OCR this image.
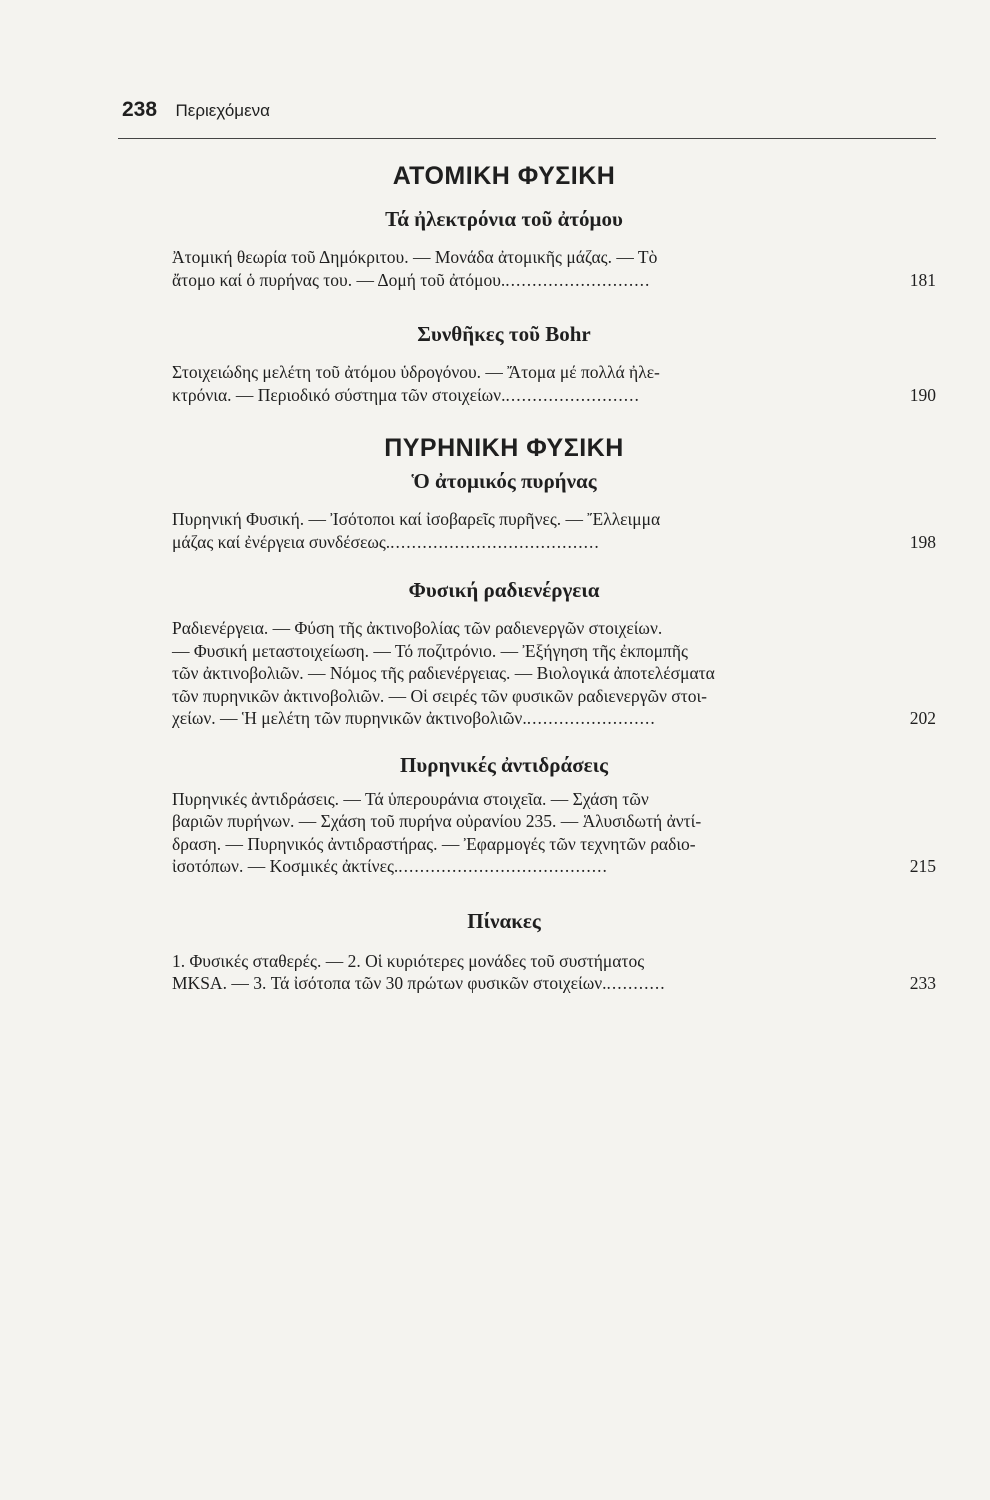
238 Περιεχόμενα
ΑΤΟΜΙΚΗ ΦΥΣΙΚΗ
Τά ἠλεκτρόνια τοῦ ἀτόμου
Ἀτομική θεωρία τοῦ Δημόκριτου. — Μονάδα ἀτομικῆς μάζας. — Τὸ
ἄτομο καί ὁ πυρήνας του. — Δομή τοῦ ἀτόμου............................	181
Συνθῆκες τοῦ Bohr
Στοιχειώδης μελέτη τοῦ ἀτόμου ὑδρογόνου. — Ἄτομα μέ πολλά ἠλε-
κτρόνια. — Περιοδικό σύστημα τῶν στοιχείων..........................	190
ΠΥΡΗΝΙΚΗ ΦΥΣΙΚΗ
Ὁ ἀτομικός πυρήνας
Πυρηνική Φυσική. — Ἰσότοποι καί ἰσοβαρεῖς πυρῆνες. — Ἔλλειμμα
μάζας καί ἐνέργεια συνδέσεως........................................	198
Φυσική ραδιενέργεια
Ραδιενέργεια. — Φύση τῆς ἀκτινοβολίας τῶν ραδιενεργῶν στοιχείων.
— Φυσική μεταστοιχείωση. — Τό ποζιτρόνιο. — Ἐξήγηση τῆς ἐκπομπῆς
τῶν ἀκτινοβολιῶν. — Νόμος τῆς ραδιενέργειας. — Βιολογικά ἀποτελέσματα
τῶν πυρηνικῶν ἀκτινοβολιῶν. — Οἱ σειρές τῶν φυσικῶν ραδιενεργῶν στοι-
χείων. — Ἡ μελέτη τῶν πυρηνικῶν ἀκτινοβολιῶν.........................	202
Πυρηνικές ἀντιδράσεις
Πυρηνικές ἀντιδράσεις. — Τά ὑπερουράνια στοιχεῖα. — Σχάση τῶν
βαριῶν πυρήνων. — Σχάση τοῦ πυρήνα οὐρανίου 235. — Ἁλυσιδωτή ἀντί-
δραση. — Πυρηνικός ἀντιδραστήρας. — Ἐφαρμογές τῶν τεχνητῶν ραδιο-
ἰσοτόπων. — Κοσμικές ἀκτίνες........................................	215
Πίνακες
1. Φυσικές σταθερές. — 2. Οἱ κυριότερες μονάδες τοῦ συστήματος
MKSA. — 3. Τά ἰσότοπα τῶν 30 πρώτων φυσικῶν στοιχείων............	233
